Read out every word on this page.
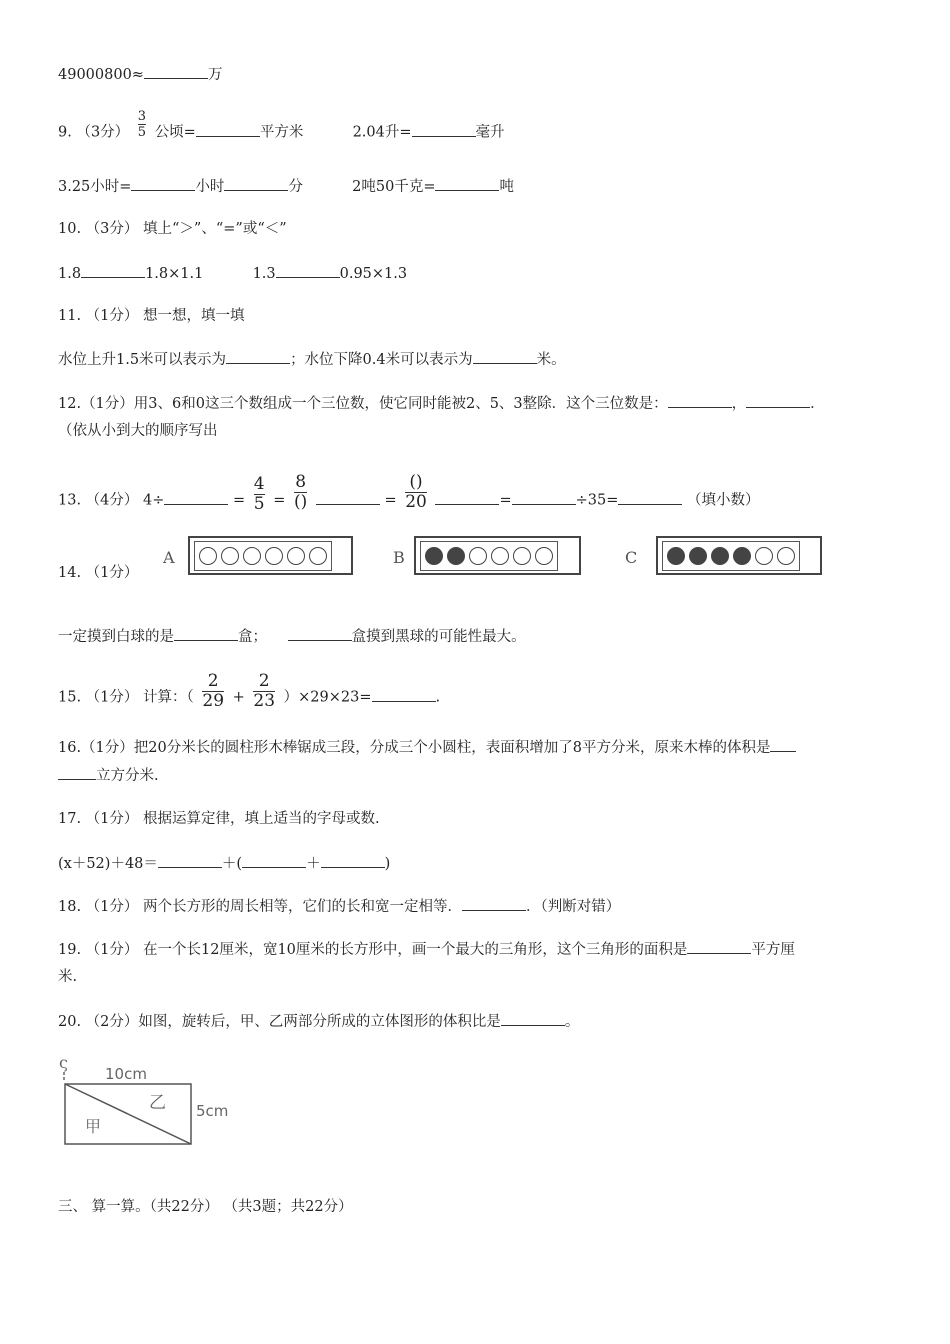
49000800≈	万
9. （3分） $\frac{3}{5}$ 公顷=	平方米	2.04升=	毫升
3.25小时=	小时	分	2吨50千克=	吨
10. （3分） 填上“＞”、“=”或“＜”
1.8	1.8×1.1	1.3	0.95×1.3
11. （1分） 想一想，填一填
水位上升1.5米可以表示为	；水位下降0.4米可以表示为	米。
12.（1分）用3、6和0这三个数组成一个三位数，使它同时能被2、5、3整除．这个三位数是：	，	．
（依从小到大的顺序写出
13. （4分） 4÷	= $\frac{4}{5} = \frac{8}{()}$	= $\frac{()}{20}$	=	÷35=	（填小数）
14. （1分）
A	B	C
一定摸到白球的是	盒；	盒摸到黑球的可能性最大。
15. （1分） 计算：（ $\frac{2}{29} + \frac{2}{23} )\times 29\times 23=$	.
16.（1分）把20分米长的圆柱形木棒锯成三段，分成三个小圆柱，表面积增加了8平方分米，原来木棒的体积是
立方分米.
17. （1分） 根据运算定律，填上适当的字母或数.
(x＋52)＋48＝	＋(	＋	)
18. （1分） 两个长方形的周长相等，它们的长和宽一定相等．	．（判断对错）
19. （1分） 在一个长12厘米，宽10厘米的长方形中，画一个最大的三角形，这个三角形的面积是	平方厘
米.
20. （2分）如图，旋转后，甲、乙两部分所成的立体图形的体积比是	。
ς
10cm
5cm
甲
乙
三、 算一算。（共22分） （共3题；共22分）
